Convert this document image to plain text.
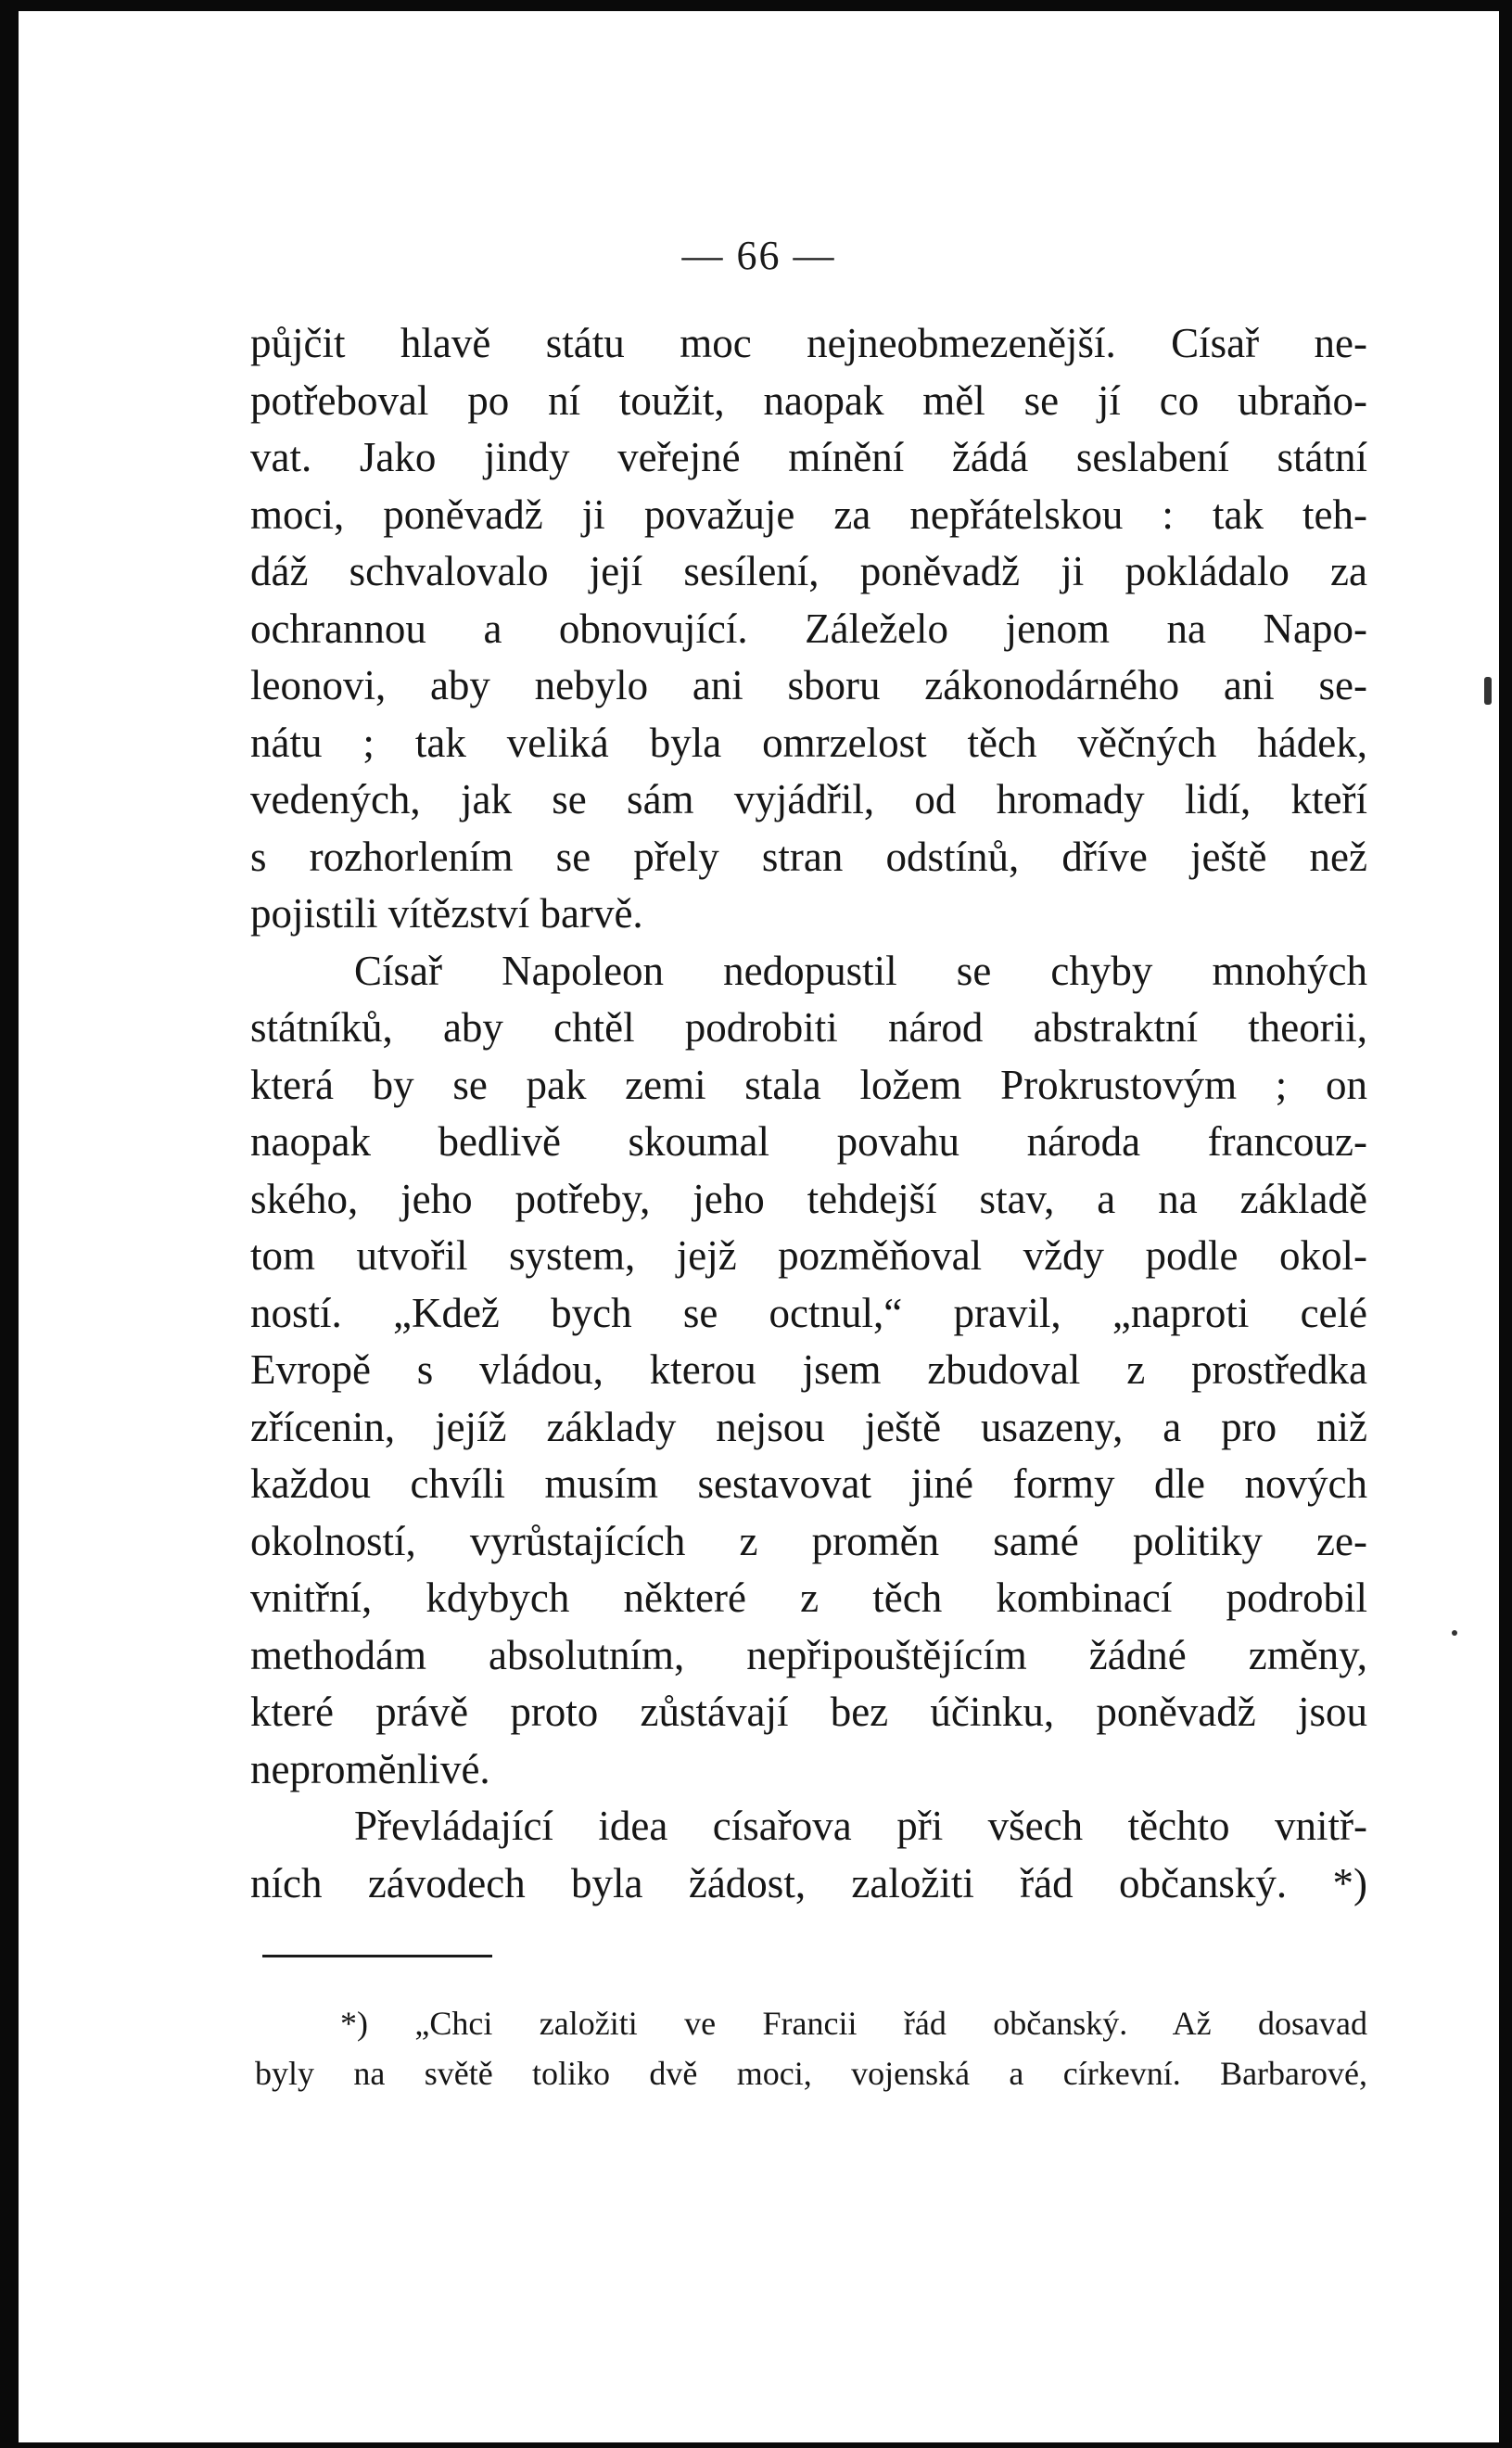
— 66 —
půjčit hlavě státu moc nejneobmezenější. Císař ne-
potřeboval po ní toužit, naopak měl se jí co ubraňo-
vat. Jako jindy veřejné mínění žádá seslabení státní
moci, poněvadž ji považuje za nepřátelskou : tak teh-
dáž schvalovalo její sesílení, poněvadž ji pokládalo za
ochrannou a obnovující. Záleželo jenom na Napo-
leonovi, aby nebylo ani sboru zákonodárného ani se-
nátu ; tak veliká byla omrzelost těch věčných hádek,
vedených, jak se sám vyjádřil, od hromady lidí, kteří
s rozhorlením se přely stran odstínů, dříve ještě než
pojistili vítězství barvě.
Císař Napoleon nedopustil se chyby mnohých
státníků, aby chtěl podrobiti národ abstraktní theorii,
která by se pak zemi stala ložem Prokrustovým ; on
naopak bedlivě skoumal povahu národa francouz-
ského, jeho potřeby, jeho tehdejší stav, a na základě
tom utvořil system, jejž pozměňoval vždy podle okol-
ností. „Kdež bych se octnul,“ pravil, „naproti celé
Evropě s vládou, kterou jsem zbudoval z prostředka
zřícenin, jejíž základy nejsou ještě usazeny, a pro niž
každou chvíli musím sestavovat jiné formy dle nových
okolností, vyrůstajících z proměn samé politiky ze-
vnitřní, kdybych některé z těch kombinací podrobil
methodám absolutním, nepřipouštějícím žádné změny,
které právě proto zůstávají bez účinku, poněvadž jsou
nepromĕnlivé.
Převládající idea císařova při všech těchto vnitř-
ních závodech byla žádost, založiti řád občanský. *)
*) „Chci založiti ve Francii řád občanský. Až dosavad
byly na světě toliko dvě moci, vojenská a církevní. Barbarové,
